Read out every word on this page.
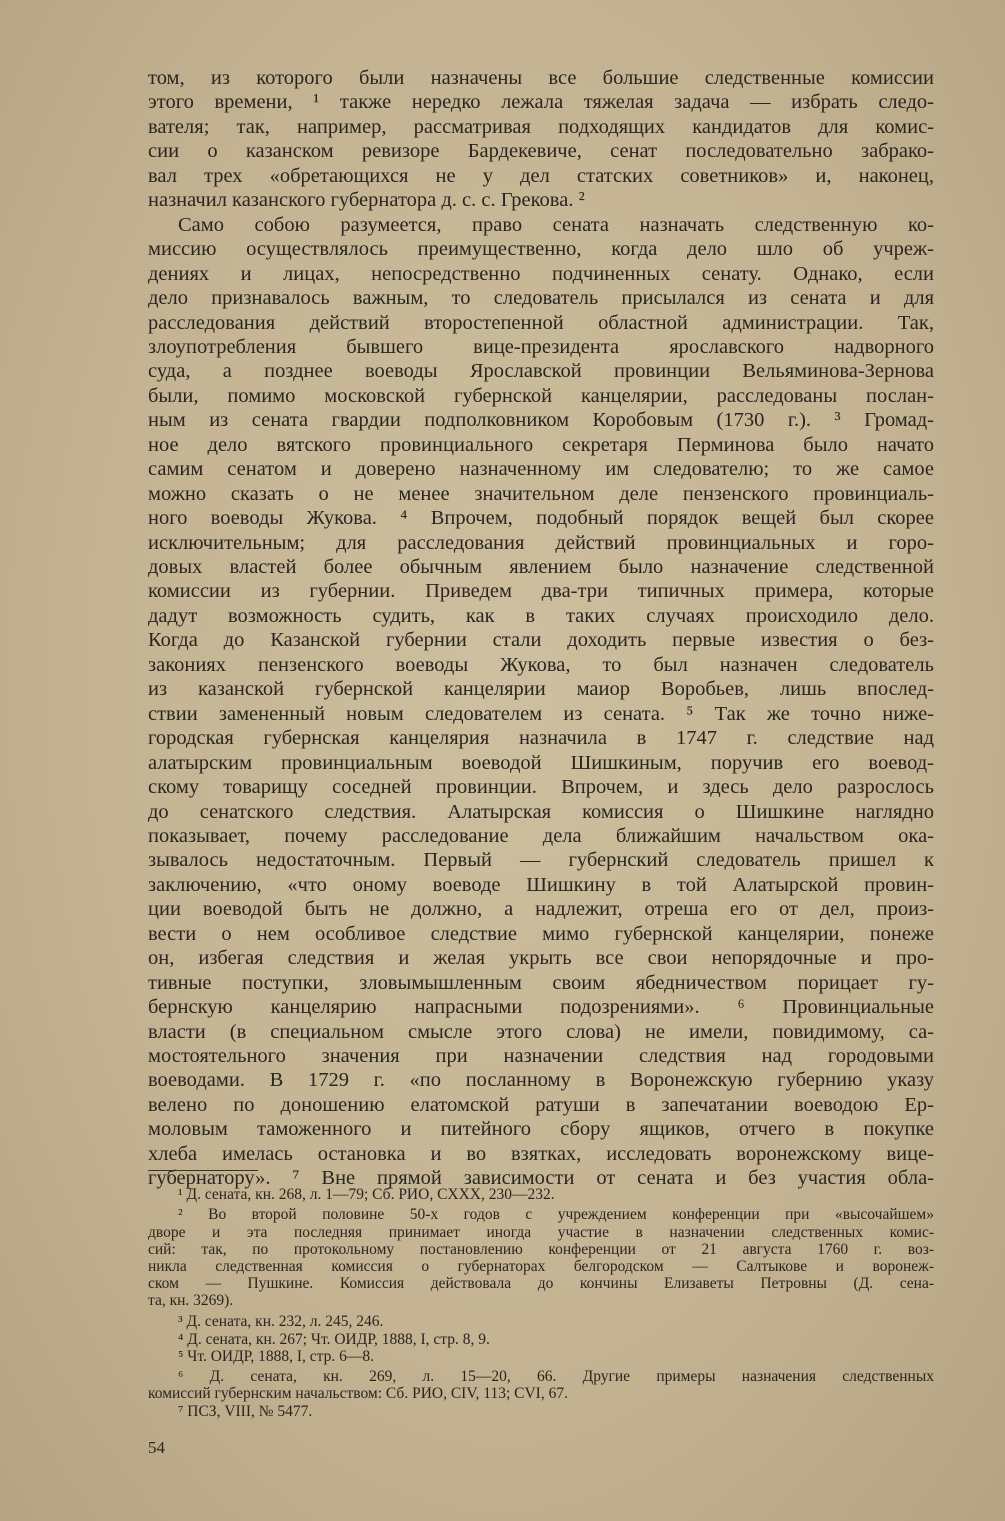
том, из которого были назначены все большие следственные комиссии
этого времени, ¹ также нередко лежала тяжелая задача — избрать следо-
вателя; так, например, рассматривая подходящих кандидатов для комис-
сии о казанском ревизоре Бардекевиче, сенат последовательно забрако-
вал трех «обретающихся не у дел статских советников» и, наконец,
назначил казанского губернатора д. с. с. Грекова. ²
Само собою разумеется, право сената назначать следственную ко-
миссию осуществлялось преимущественно, когда дело шло об учреж-
дениях и лицах, непосредственно подчиненных сенату. Однако, если
дело признавалось важным, то следователь присылался из сената и для
расследования действий второстепенной областной администрации. Так,
злоупотребления бывшего вице-президента ярославского надворного
суда, а позднее воеводы Ярославской провинции Вельяминова-Зернова
были, помимо московской губернской канцелярии, расследованы послан-
ным из сената гвардии подполковником Коробовым (1730 г.). ³ Громад-
ное дело вятского провинциального секретаря Перминова было начато
самим сенатом и доверено назначенному им следователю; то же самое
можно сказать о не менее значительном деле пензенского провинциаль-
ного воеводы Жукова. ⁴ Впрочем, подобный порядок вещей был скорее
исключительным; для расследования действий провинциальных и горо-
довых властей более обычным явлением было назначение следственной
комиссии из губернии. Приведем два-три типичных примера, которые
дадут возможность судить, как в таких случаях происходило дело.
Когда до Казанской губернии стали доходить первые известия о без-
закониях пензенского воеводы Жукова, то был назначен следователь
из казанской губернской канцелярии маиор Воробьев, лишь впослед-
ствии замененный новым следователем из сената. ⁵ Так же точно ниже-
городская губернская канцелярия назначила в 1747 г. следствие над
алатырским провинциальным воеводой Шишкиным, поручив его воевод-
скому товарищу соседней провинции. Впрочем, и здесь дело разрослось
до сенатского следствия. Алатырская комиссия о Шишкине наглядно
показывает, почему расследование дела ближайшим начальством ока-
зывалось недостаточным. Первый — губернский следователь пришел к
заключению, «что оному воеводе Шишкину в той Алатырской провин-
ции воеводой быть не должно, а надлежит, отреша его от дел, произ-
вести о нем особливое следствие мимо губернской канцелярии, понеже
он, избегая следствия и желая укрыть все свои непорядочные и про-
тивные поступки, зловымышленным своим ябедничеством порицает гу-
бернскую канцелярию напрасными подозрениями». ⁶ Провинциальные
власти (в специальном смысле этого слова) не имели, повидимому, са-
мостоятельного значения при назначении следствия над городовыми
воеводами. В 1729 г. «по посланному в Воронежскую губернию указу
велено по доношению елатомской ратуши в запечатании воеводою Ер-
моловым таможенного и питейного сбору ящиков, отчего в покупке
хлеба имелась остановка и во взятках, исследовать воронежскому вице-
губернатору». ⁷ Вне прямой зависимости от сената и без участия обла-
¹ Д. сената, кн. 268, л. 1—79; Сб. РИО, CXXX, 230—232.
² Во второй половине 50-х годов с учреждением конференции при «высочайшем»
дворе и эта последняя принимает иногда участие в назначении следственных комис-
сий: так, по протокольному постановлению конференции от 21 августа 1760 г. воз-
никла следственная комиссия о губернаторах белгородском — Салтыкове и воронеж-
ском — Пушкине. Комиссия действовала до кончины Елизаветы Петровны (Д. сена-
та, кн. 3269).
³ Д. сената, кн. 232, л. 245, 246.
⁴ Д. сената, кн. 267; Чт. ОИДР, 1888, I, стр. 8, 9.
⁵ Чт. ОИДР, 1888, I, стр. 6—8.
⁶ Д. сената, кн. 269, л. 15—20, 66. Другие примеры назначения следственных
комиссий губернским начальством: Сб. РИО, CIV, 113; CVI, 67.
⁷ ПСЗ, VIII, № 5477.
54
